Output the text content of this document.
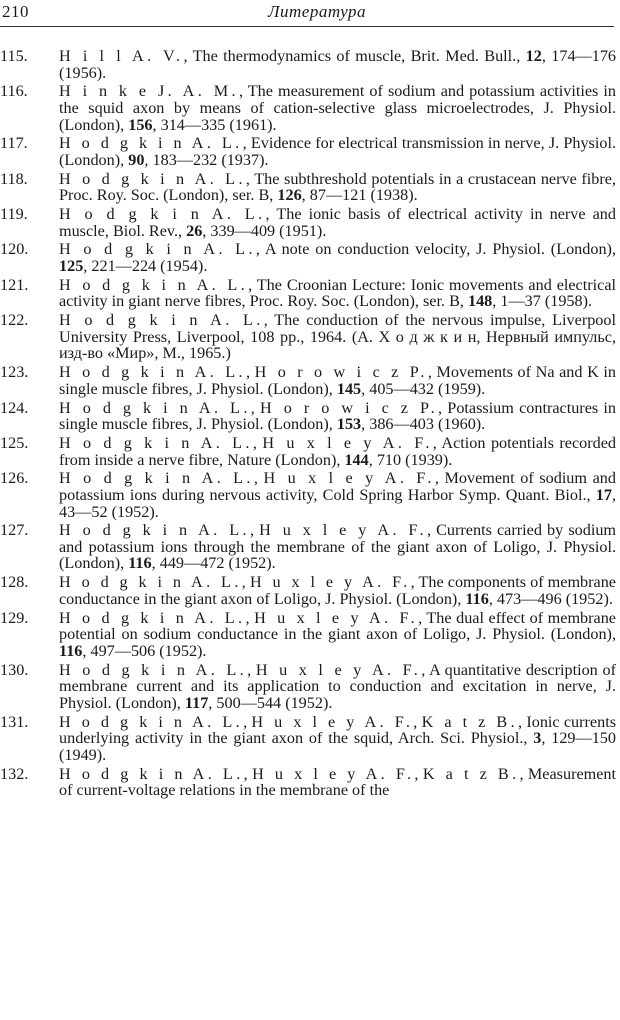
210	Литература
115.	H i l l A. V., The thermodynamics of muscle, Brit. Med. Bull., 12, 174—176 (1956).
116.	H i n k e J. A. M., The measurement of sodium and potassium activities in the squid axon by means of cation-selective glass microelectrodes, J. Physiol. (London), 156, 314—335 (1961).
117.	H o d g k i n A. L., Evidence for electrical transmission in nerve, J. Physiol. (London), 90, 183—232 (1937).
118.	H o d g k i n A. L., The subthreshold potentials in a crustacean nerve fibre, Proc. Roy. Soc. (London), ser. B, 126, 87—121 (1938).
119.	H o d g k i n A. L., The ionic basis of electrical activity in nerve and muscle, Biol. Rev., 26, 339—409 (1951).
120.	H o d g k i n A. L., A note on conduction velocity, J. Physiol. (London), 125, 221—224 (1954).
121.	H o d g k i n A. L., The Croonian Lecture: Ionic movements and electrical activity in giant nerve fibres, Proc. Roy. Soc. (London), ser. B, 148, 1—37 (1958).
122.	H o d g k i n A. L., The conduction of the nervous impulse, Liverpool University Press, Liverpool, 108 pp., 1964. (A. Х о д ж к и н, Нервный импульс, изд-во «Мир», М., 1965.)
123.	H o d g k i n A. L., H o r o w i c z P., Movements of Na and K in single muscle fibres, J. Physiol. (London), 145, 405—432 (1959).
124.	H o d g k i n A. L., H o r o w i c z P., Potassium contractures in single muscle fibres, J. Physiol. (London), 153, 386—403 (1960).
125.	H o d g k i n A. L., H u x l e y A. F., Action potentials recorded from inside a nerve fibre, Nature (London), 144, 710 (1939).
126.	H o d g k i n A. L., H u x l e y A. F., Movement of sodium and potassium ions during nervous activity, Cold Spring Harbor Symp. Quant. Biol., 17, 43—52 (1952).
127.	H o d g k i n A. L., H u x l e y A. F., Currents carried by sodium and potassium ions through the membrane of the giant axon of Loligo, J. Physiol. (London), 116, 449—472 (1952).
128.	H o d g k i n A. L., H u x l e y A. F., The components of membrane conductance in the giant axon of Loligo, J. Physiol. (London), 116, 473—496 (1952).
129.	H o d g k i n A. L., H u x l e y A. F., The dual effect of membrane potential on sodium conductance in the giant axon of Loligo, J. Physiol. (London), 116, 497—506 (1952).
130.	H o d g k i n A. L., H u x l e y A. F., A quantitative description of membrane current and its application to conduction and excitation in nerve, J. Physiol. (London), 117, 500—544 (1952).
131.	H o d g k i n A. L., H u x l e y A. F., K a t z B., Ionic currents underlying activity in the giant axon of the squid, Arch. Sci. Physiol., 3, 129—150 (1949).
132.	H o d g k i n A. L., H u x l e y A. F., K a t z B., Measurement of current-voltage relations in the membrane of the
